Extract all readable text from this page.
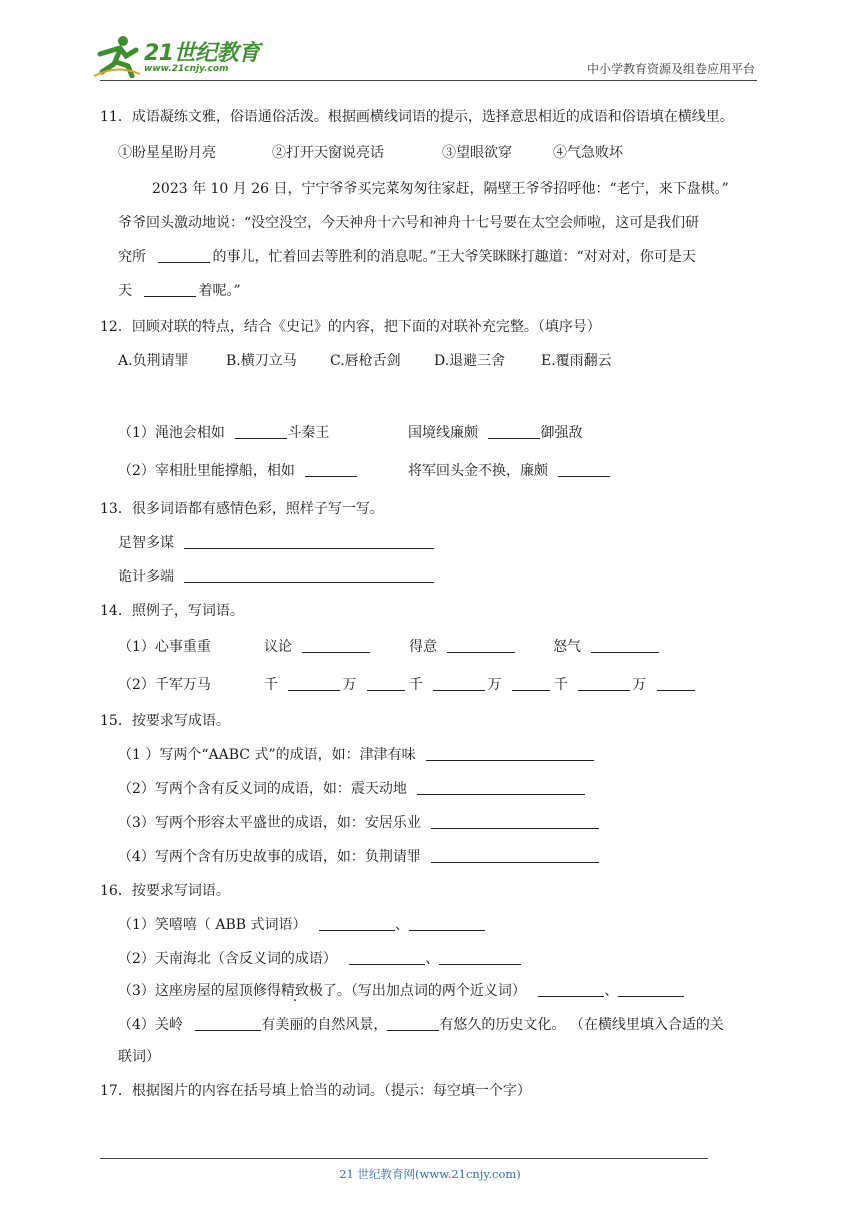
21世纪教育
www.21cnjy.com	中小学教育资源及组卷应用平台
11．成语凝练文雅，俗语通俗活泼。根据画横线词语的提示，选择意思相近的成语和俗语填在横线里。
①盼星星盼月亮	②打开天窗说亮话	③望眼欲穿	④气急败坏
2023 年 10 月 26 日，宁宁爷爷买完菜匆匆往家赶，隔壁王爷爷招呼他：“老宁，来下盘棋。”
爷爷回头激动地说：“没空没空，今天神舟十六号和神舟十七号要在太空会师啦，这可是我们研
究所	的事儿，忙着回去等胜利的消息呢。”王大爷笑眯眯打趣道：“对对对，你可是天
天	着呢。”
12．回顾对联的特点，结合《史记》的内容，把下面的对联补充完整。（填序号）
A.负荆请罪	B.横刀立马 C.唇枪舌剑 D.退避三舍	E.覆雨翻云
（1）渑池会相如	斗秦王	国境线廉颇	御强敌
（2）宰相肚里能撑船，相如	将军回头金不换，廉颇
13．很多词语都有感情色彩，照样子写一写。
足智多谋
诡计多端
14．照例子，写词语。
（1）心事重重	议论	得意	怒气
（2）千军万马	千	万	千	万	千	万
15．按要求写成语。
（1 ）写两个“AABC 式”的成语，如：津津有味
（2）写两个含有反义词的成语，如：震天动地
（3）写两个形容太平盛世的成语，如：安居乐业
（4）写两个含有历史故事的成语，如：负荆请罪
16．按要求写词语。
（1）笑嘻嘻（ ABB 式词语）	、
（2）天南海北（含反义词的成语）	、
（3）这座房屋的屋顶修得精致极了。（写出加点词的两个近义词）	、
（4）关岭	有美丽的自然风景，	有悠久的历史文化。 （在横线里填入合适的关
联词）
17．根据图片的内容在括号填上恰当的动词。（提示：每空填一个字）
21 世纪教育网(www.21cnjy.com)
